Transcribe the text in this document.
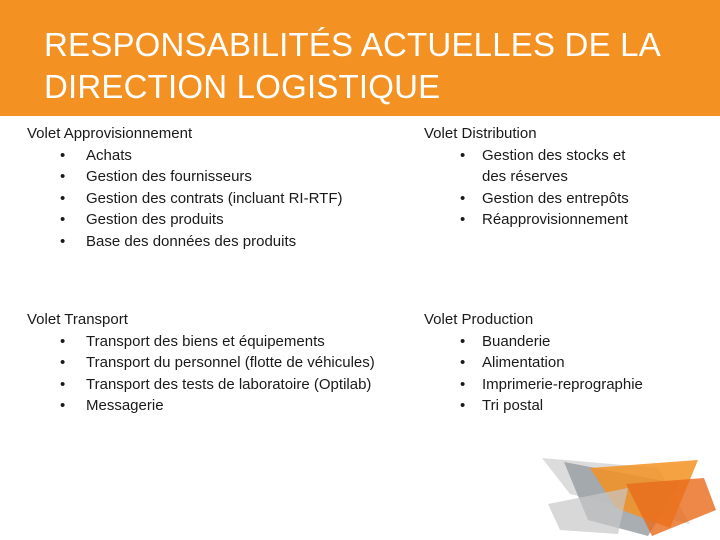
RESPONSABILITÉS ACTUELLES DE LA DIRECTION LOGISTIQUE

Volet Approvisionnement

• Achats
• Gestion des fournisseurs
• Gestion des contrats (incluant RI-RTF)
• Gestion des produits
• Base des données des produits

Volet Distribution

• Gestion des stocks et
des réserves
• Gestion des entrepôts
• Réapprovisionnement

Volet Transport

• Transport des biens et équipements
• Transport du personnel (flotte de véhicules)
• Transport des tests de laboratoire (Optilab)
• Messagerie

Volet Production

• Buanderie
• Alimentation
• Imprimerie-reprographie
• Tri postal
